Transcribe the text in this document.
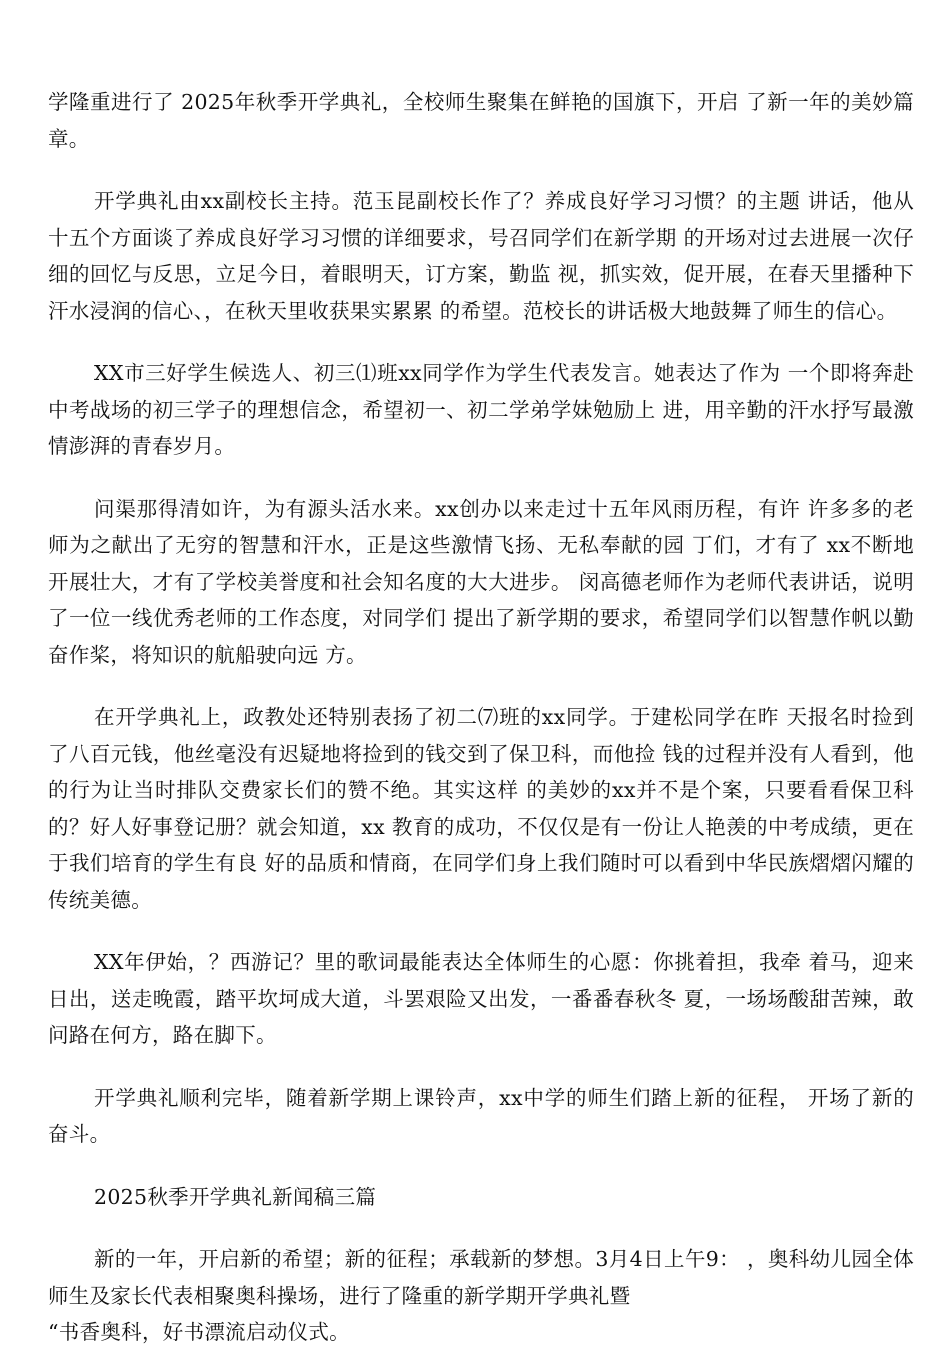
学隆重进行了 2025年秋季开学典礼，全校师生聚集在鲜艳的国旗下，开启 了新一年的美妙篇章。

开学典礼由xx副校长主持。范玉昆副校长作了？养成良好学习习惯？的主题 讲话，他从十五个方面谈了养成良好学习习惯的详细要求，号召同学们在新学期 的开场对过去进展一次仔细的回忆与反思，立足今日，着眼明天，订方案，勤监 视，抓实效，促开展，在春天里播种下汗水浸润的信心、，在秋天里收获果实累累 的希望。范校长的讲话极大地鼓舞了师生的信心。

XX市三好学生候选人、初三⑴班xx同学作为学生代表发言。她表达了作为 一个即将奔赴中考战场的初三学子的理想信念，希望初一、初二学弟学妹勉励上 进，用辛勤的汗水抒写最激情澎湃的青春岁月。

问渠那得清如许，为有源头活水来。xx创办以来走过十五年风雨历程，有许 许多多的老师为之献出了无穷的智慧和汗水，正是这些激情飞扬、无私奉献的园 丁们，才有了 xx不断地开展壮大，才有了学校美誉度和社会知名度的大大进步。 闵高德老师作为老师代表讲话，说明了一位一线优秀老师的工作态度，对同学们 提出了新学期的要求，希望同学们以智慧作帆以勤奋作桨，将知识的航船驶向远 方。

在开学典礼上，政教处还特别表扬了初二⑺班的xx同学。于建松同学在昨 天报名时捡到了八百元钱，他丝毫没有迟疑地将捡到的钱交到了保卫科，而他捡 钱的过程并没有人看到，他的行为让当时排队交费家长们的赞不绝。其实这样 的美妙的xx并不是个案，只要看看保卫科的？好人好事登记册？就会知道，xx 教育的成功，不仅仅是有一份让人艳羡的中考成绩，更在于我们培育的学生有良 好的品质和情商，在同学们身上我们随时可以看到中华民族熠熠闪耀的传统美德。

XX年伊始，？西游记？里的歌词最能表达全体师生的心愿：你挑着担，我牵 着马，迎来日出，送走晚霞，踏平坎坷成大道，斗罢艰险又出发，一番番春秋冬 夏，一场场酸甜苦辣，敢问路在何方，路在脚下。

开学典礼顺利完毕，随着新学期上课铃声，xx中学的师生们踏上新的征程， 开场了新的奋斗。

2025秋季开学典礼新闻稿三篇

新的一年，开启新的希望；新的征程；承载新的梦想。3月4日上午9： ，奥科幼儿园全体师生及家长代表相聚奥科操场，进行了隆重的新学期开学典礼暨
“书香奥科，好书漂流启动仪式。
